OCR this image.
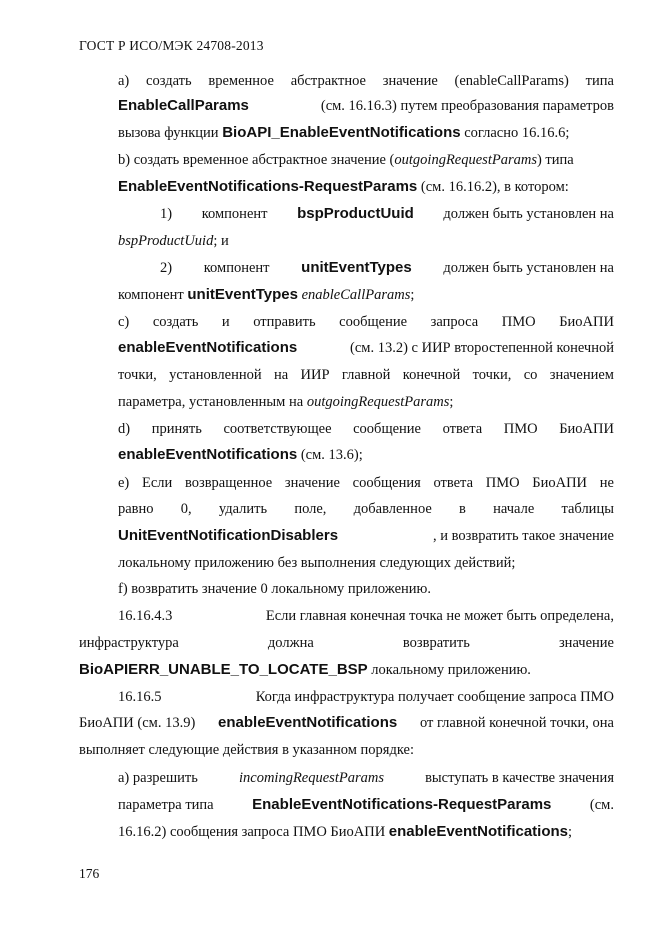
ГОСТ Р ИСО/МЭК 24708-2013
а) создать временное абстрактное значение (enableCallParams) типа
EnableCallParams	(см. 16.16.3) путем преобразования параметров
вызова функции BioAPI_EnableEventNotifications согласно 16.16.6;
b) создать временное абстрактное значение (outgoingRequestParams) типа
EnableEventNotifications-RequestParams (см. 16.16.2), в котором:
1) компонент bspProductUuid должен быть установлен на
bspProductUuid; и
2) компонент unitEventTypes должен быть установлен на
компонент unitEventTypes enableCallParams;
с) создать и отправить сообщение запроса ПМО БиоАПИ
enableEventNotifications	(см. 13.2) с ИИР второстепенной конечной
точки, установленной на ИИР главной конечной точки, со значением
параметра, установленным на outgoingRequestParams;
d) принять соответствующее сообщение ответа ПМО БиоАПИ
enableEventNotifications (см. 13.6);
е) Если возвращенное значение сообщения ответа ПМО БиоАПИ не
равно 0, удалить поле, добавленное в начале таблицы
UnitEventNotificationDisablers	, и возвратить такое значение
локальному приложению без выполнения следующих действий;
f) возвратить значение 0 локальному приложению.
16.16.4.3	Если главная конечная точка не может быть определена,
инфраструктура	должна	возвратить	значение
BioAPIERR_UNABLE_TO_LOCATE_BSP локальному приложению.
16.16.5	Когда инфраструктура получает сообщение запроса ПМО
БиоАПИ (см. 13.9) enableEventNotifications от главной конечной точки, она
выполняет следующие действия в указанном порядке:
а) разрешить	incomingRequestParams	выступать в качестве значения
параметра типа	EnableEventNotifications-RequestParams	(см.
16.16.2) сообщения запроса ПМО БиоАПИ enableEventNotifications;
176
